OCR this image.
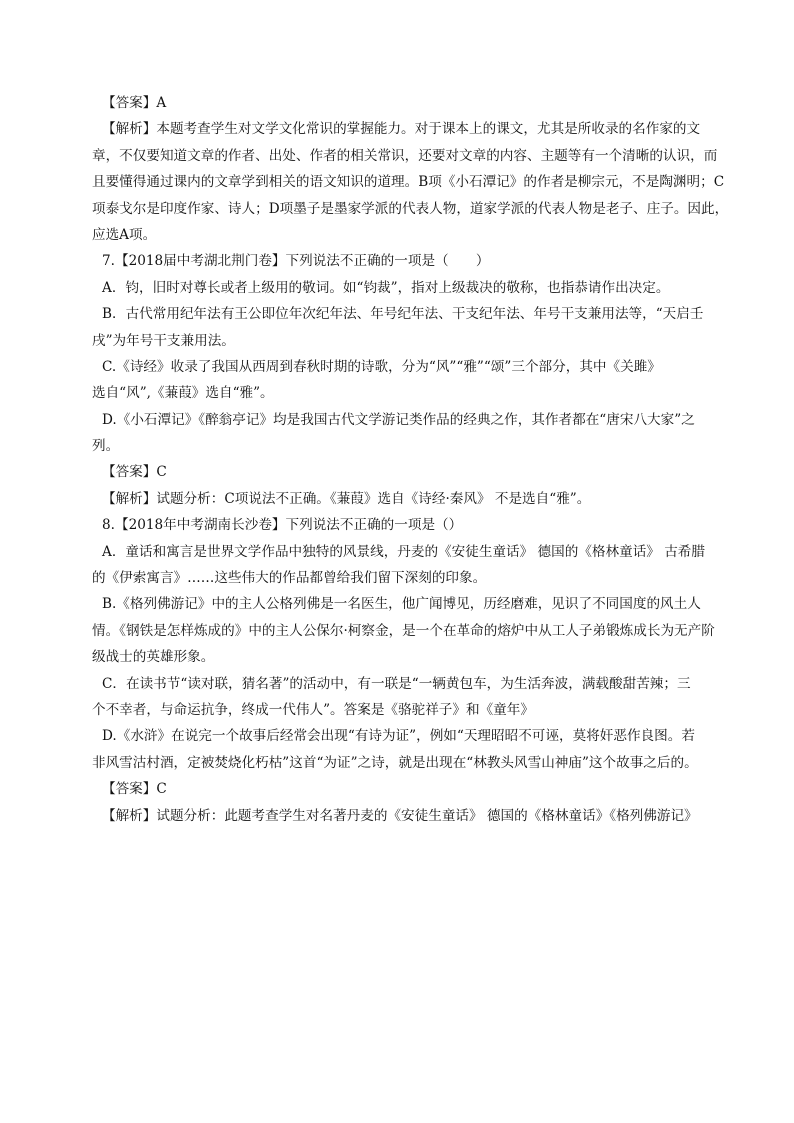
【答案】A
【解析】本题考查学生对文学文化常识的掌握能力。对于课本上的课文，尤其是所收录的名作家的文
章，不仅要知道文章的作者、出处、作者的相关常识，还要对文章的内容、主题等有一个清晰的认识，而
且要懂得通过课内的文章学到相关的语文知识的道理。B项《小石潭记》的作者是柳宗元，不是陶渊明；C
项泰戈尔是印度作家、诗人；D项墨子是墨家学派的代表人物，道家学派的代表人物是老子、庄子。因此，
应选A项。
7.【2018届中考湖北荆门卷】下列说法不正确的一项是（　　）
A．钧，旧时对尊长或者上级用的敬词。如“钧裁”，指对上级裁决的敬称，也指恭请作出决定。
B．古代常用纪年法有王公即位年次纪年法、年号纪年法、干支纪年法、年号干支兼用法等，“天启壬
戌”为年号干支兼用法。
C.《诗经》收录了我国从西周到春秋时期的诗歌，分为“风”“雅”“颂”三个部分，其中《关雎》
选自“风”,《蒹葭》选自“雅”。
D.《小石潭记》《醉翁亭记》均是我国古代文学游记类作品的经典之作，其作者都在“唐宋八大家”之
列。
【答案】C
【解析】试题分析：C项说法不正确。《蒹葭》选自《诗经·秦风》 不是选自“雅”。
8.【2018年中考湖南长沙卷】下列说法不正确的一项是（）
A．童话和寓言是世界文学作品中独特的风景线，丹麦的《安徒生童话》 德国的《格林童话》 古希腊
的《伊索寓言》……这些伟大的作品都曾给我们留下深刻的印象。
B.《格列佛游记》中的主人公格列佛是一名医生，他广闻博见，历经磨难，见识了不同国度的风土人
情。《钢铁是怎样炼成的》中的主人公保尔·柯察金，是一个在革命的熔炉中从工人子弟锻炼成长为无产阶
级战士的英雄形象。
C．在读书节“读对联，猜名著”的活动中，有一联是“一辆黄包车，为生活奔波，满载酸甜苦辣；三
个不幸者，与命运抗争，终成一代伟人”。答案是《骆驼祥子》和《童年》
D.《水浒》在说完一个故事后经常会出现“有诗为证”，例如“天理昭昭不可诬，莫将奸恶作良图。若
非风雪沽村酒，定被焚烧化朽枯”这首“为证”之诗，就是出现在“林教头风雪山神庙”这个故事之后的。
【答案】C
【解析】试题分析：此题考查学生对名著丹麦的《安徒生童话》 德国的《格林童话》《格列佛游记》
